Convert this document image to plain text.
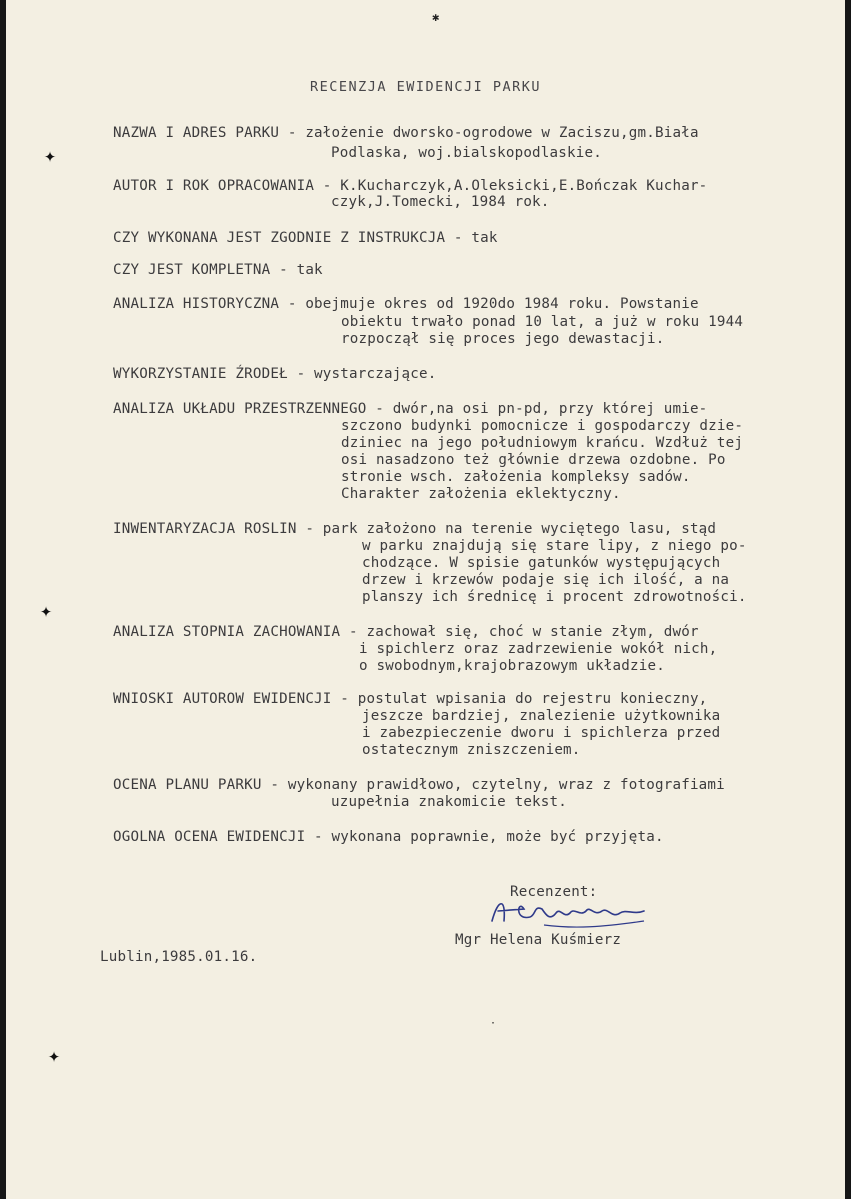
✱
✦
✦
✦
RECENZJA EWIDENCJI PARKU
NAZWA I ADRES PARKU - założenie dworsko-ogrodowe w Zaciszu,gm.Biała
Podlaska, woj.bialskopodlaskie.
AUTOR I ROK OPRACOWANIA - K.Kucharczyk,A.Oleksicki,E.Bończak Kuchar-
czyk,J.Tomecki, 1984 rok.
CZY WYKONANA JEST ZGODNIE Z INSTRUKCJA - tak
CZY JEST KOMPLETNA - tak
ANALIZA HISTORYCZNA - obejmuje okres od 1920do 1984 roku. Powstanie
obiektu trwało ponad 10 lat, a już w roku 1944
rozpoczął się proces jego dewastacji.
WYKORZYSTANIE ŹRODEŁ - wystarczające.
ANALIZA UKŁADU PRZESTRZENNEGO - dwór,na osi pn-pd, przy której umie-
szczono budynki pomocnicze i gospodarczy dzie-
dziniec na jego południowym krańcu. Wzdłuż tej
osi nasadzono też głównie drzewa ozdobne. Po
stronie wsch. założenia kompleksy sadów.
Charakter założenia eklektyczny.
INWENTARYZACJA ROSLIN - park założono na terenie wyciętego lasu, stąd
w parku znajdują się stare lipy, z niego po-
chodzące. W spisie gatunków występujących
drzew i krzewów podaje się ich ilość, a na
planszy ich średnicę i procent zdrowotności.
ANALIZA STOPNIA ZACHOWANIA - zachował się, choć w stanie złym, dwór
i spichlerz oraz zadrzewienie wokół nich,
o swobodnym,krajobrazowym układzie.
WNIOSKI AUTOROW EWIDENCJI - postulat wpisania do rejestru konieczny,
jeszcze bardziej, znalezienie użytkownika
i zabezpieczenie dworu i spichlerza przed
ostatecznym zniszczeniem.
OCENA PLANU PARKU - wykonany prawidłowo, czytelny, wraz z fotografiami
uzupełnia znakomicie tekst.
OGOLNA OCENA EWIDENCJI - wykonana poprawnie, może być przyjęta.
Recenzent:
Mgr Helena Kuśmierz
Lublin,1985.01.16.
·
